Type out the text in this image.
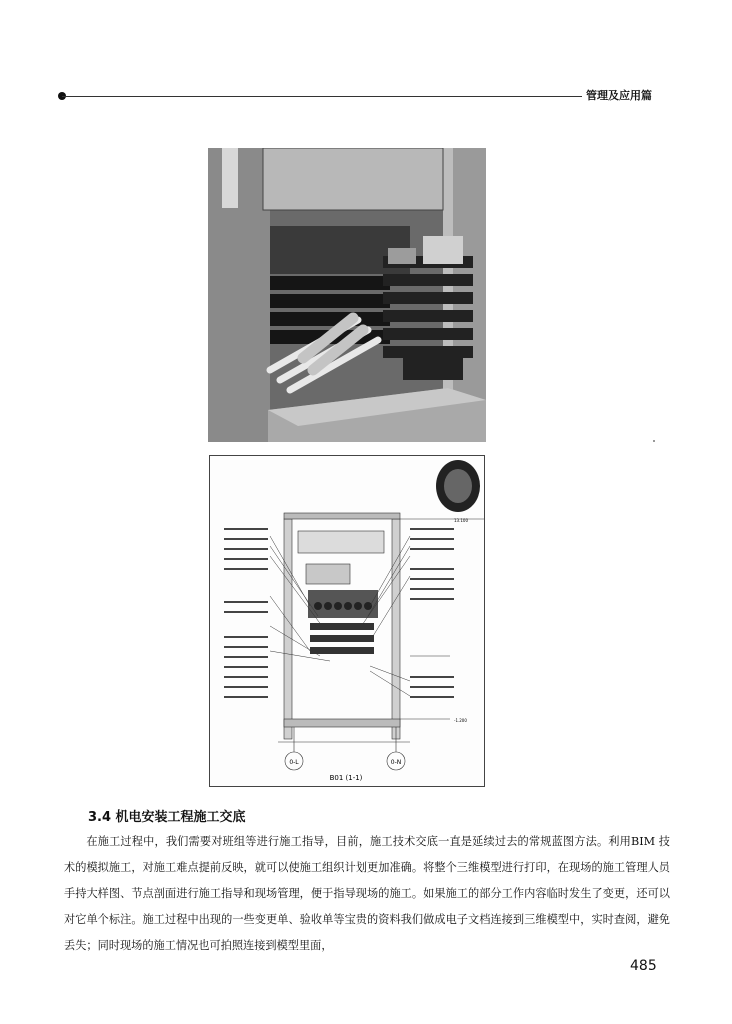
管理及应用篇
0-L	0-N
B01 (1-1)
13.100
-1.200
3.4 机电安装工程施工交底

在施工过程中，我们需要对班组等进行施工指导，目前，施工技术交底一直是延续过去的常规蓝图方法。利用BIM 技术的模拟施工，对施工难点提前反映，就可以使施工组织计划更加准确。将整个三维模型进行打印，在现场的施工管理人员手持大样图、节点剖面进行施工指导和现场管理，便于指导现场的施工。如果施工的部分工作内容临时发生了变更，还可以对它单个标注。施工过程中出现的一些变更单、验收单等宝贵的资料我们做成电子文档连接到三维模型中，实时查阅，避免丢失；同时现场的施工情况也可拍照连接到模型里面，

485
